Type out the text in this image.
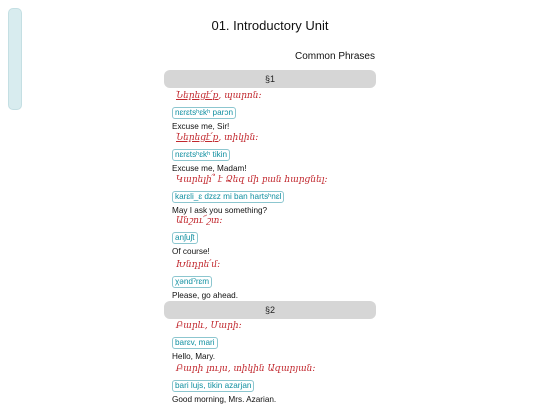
01. Introductory Unit
Common Phrases
§1
Ներեցէ՛ք, պարոն։
nɛrɛtsʰɛkʰ parɔn
Excuse me, Sir!
Ներեցէ՛ք, տիկին։
nɛrɛtsʰɛkʰ tikin
Excuse me, Madam!
Կարելի՞ է Ձեզ մի բան հարցնել։
karɛli_ɛ dzɛz mi ban hartsʰnɛl
May I ask you something?
Անշու՜շտ։
anʃuʃt
Of course!
Խնդրե՛մ։
χəndˀrɛm
Please, go ahead.
§2
Բարև, Մարի։
barɛv, mari
Hello, Mary.
Բարի լույս, տիկին Ազարյան։
bari lujs, tikin azarjan
Good morning, Mrs. Azarian.
